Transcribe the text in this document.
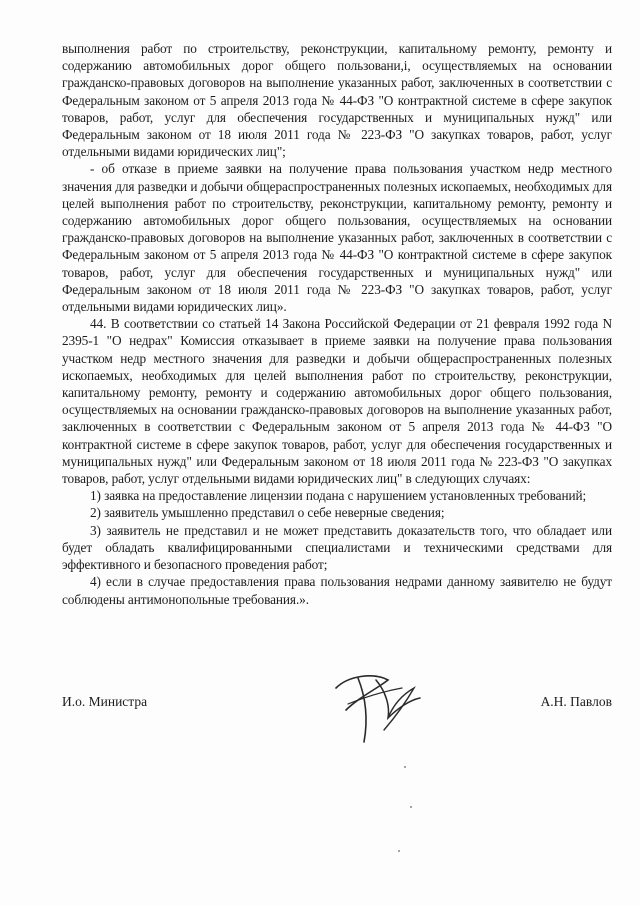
выполнения работ по строительству, реконструкции, капитальному ремонту, ремонту и содержанию автомобильных дорог общего пользовани,i, осуществляемых на основании гражданско-правовых договоров на выполнение указанных работ, заключенных в соответствии с Федеральным законом от 5 апреля 2013 года № 44-ФЗ "О контрактной системе в сфере закупок товаров, работ, услуг для обеспечения государственных и муниципальных нужд" или Федеральным законом от 18 июля 2011 года № 223-ФЗ "О закупках товаров, работ, услуг отдельными видами юридических лиц";

- об отказе в приеме заявки на получение права пользования участком недр местного значения для разведки и добычи общераспространенных полезных ископаемых, необходимых для целей выполнения работ по строительству, реконструкции, капитальному ремонту, ремонту и содержанию автомобильных дорог общего пользования, осуществляемых на основании гражданско-правовых договоров на выполнение указанных работ, заключенных в соответствии с Федеральным законом от 5 апреля 2013 года № 44-ФЗ "О контрактной системе в сфере закупок товаров, работ, услуг для обеспечения государственных и муниципальных нужд" или Федеральным законом от 18 июля 2011 года № 223-ФЗ "О закупках товаров, работ, услуг отдельными видами юридических лиц».

44. В соответствии со статьей 14 Закона Российской Федерации от 21 февраля 1992 года N 2395-1 "О недрах" Комиссия отказывает в приеме заявки на получение права пользования участком недр местного значения для разведки и добычи общераспространенных полезных ископаемых, необходимых для целей выполнения работ по строительству, реконструкции, капитальному ремонту, ремонту и содержанию автомобильных дорог общего пользования, осуществляемых на основании гражданско-правовых договоров на выполнение указанных работ, заключенных в соответствии с Федеральным законом от 5 апреля 2013 года № 44-ФЗ "О контрактной системе в сфере закупок товаров, работ, услуг для обеспечения государственных и муниципальных нужд" или Федеральным законом от 18 июля 2011 года № 223-ФЗ "О закупках товаров, работ, услуг отдельными видами юридических лиц" в следующих случаях:

1) заявка на предоставление лицензии подана с нарушением установленных требований;

2) заявитель умышленно представил о себе неверные сведения;

3) заявитель не представил и не может представить доказательств того, что обладает или будет обладать квалифицированными специалистами и техническими средствами для эффективного и безопасного проведения работ;

4) если в случае предоставления права пользования недрами данному заявителю не будут соблюдены антимонопольные требования.».

И.о. Министра	А.Н. Павлов
